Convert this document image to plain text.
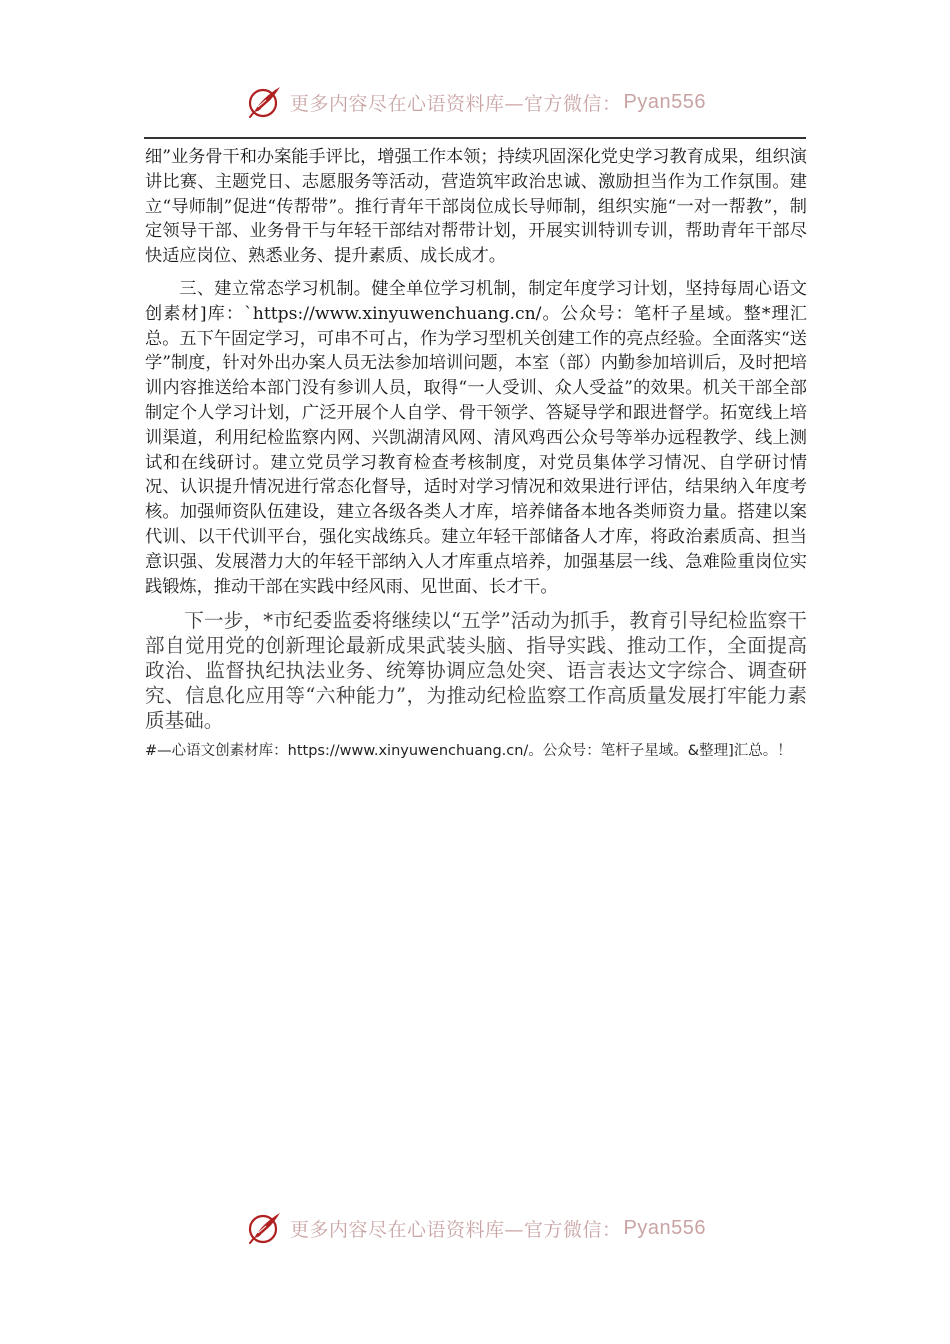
更多内容尽在心语资料库—官方微信： Pyan556

细”业务骨干和办案能手评比，增强工作本领；持续巩固深化党史学习教育成果，组织演讲比赛、主题党日、志愿服务等活动，营造筑牢政治忠诚、激励担当作为工作氛围。建立“导师制”促进“传帮带”。推行青年干部岗位成长导师制，组织实施“一对一帮教”，制定领导干部、业务骨干与年轻干部结对帮带计划，开展实训特训专训，帮助青年干部尽快适应岗位、熟悉业务、提升素质、成长成才。

三、建立常态学习机制。健全单位学习机制，制定年度学习计划，坚持每周心语文创素材]库：`https://www.xinyuwenchuang.cn/。公众号：笔杆子星域。整*理汇总。五下午固定学习，可串不可占，作为学习型机关创建工作的亮点经验。全面落实“送学”制度，针对外出办案人员无法参加培训问题，本室（部）内勤参加培训后，及时把培训内容推送给本部门没有参训人员，取得“一人受训、众人受益”的效果。机关干部全部制定个人学习计划，广泛开展个人自学、骨干领学、答疑导学和跟进督学。拓宽线上培训渠道，利用纪检监察内网、兴凯湖清风网、清风鸡西公众号等举办远程教学、线上测试和在线研讨。建立党员学习教育检查考核制度，对党员集体学习情况、自学研讨情况、认识提升情况进行常态化督导，适时对学习情况和效果进行评估，结果纳入年度考核。加强师资队伍建设，建立各级各类人才库，培养储备本地各类师资力量。搭建以案代训、以干代训平台，强化实战练兵。建立年轻干部储备人才库，将政治素质高、担当意识强、发展潜力大的年轻干部纳入人才库重点培养，加强基层一线、急难险重岗位实践锻炼，推动干部在实践中经风雨、见世面、长才干。

下一步，*市纪委监委将继续以“五学”活动为抓手，教育引导纪检监察干部自觉用党的创新理论最新成果武装头脑、指导实践、推动工作，全面提高政治、监督执纪执法业务、统筹协调应急处突、语言表达文字综合、调查研究、信息化应用等“六种能力”，为推动纪检监察工作高质量发展打牢能力素质基础。

#—心语文创素材库：https://www.xinyuwenchuang.cn/。公众号：笔杆子星域。&整理]汇总。！

更多内容尽在心语资料库—官方微信： Pyan556
